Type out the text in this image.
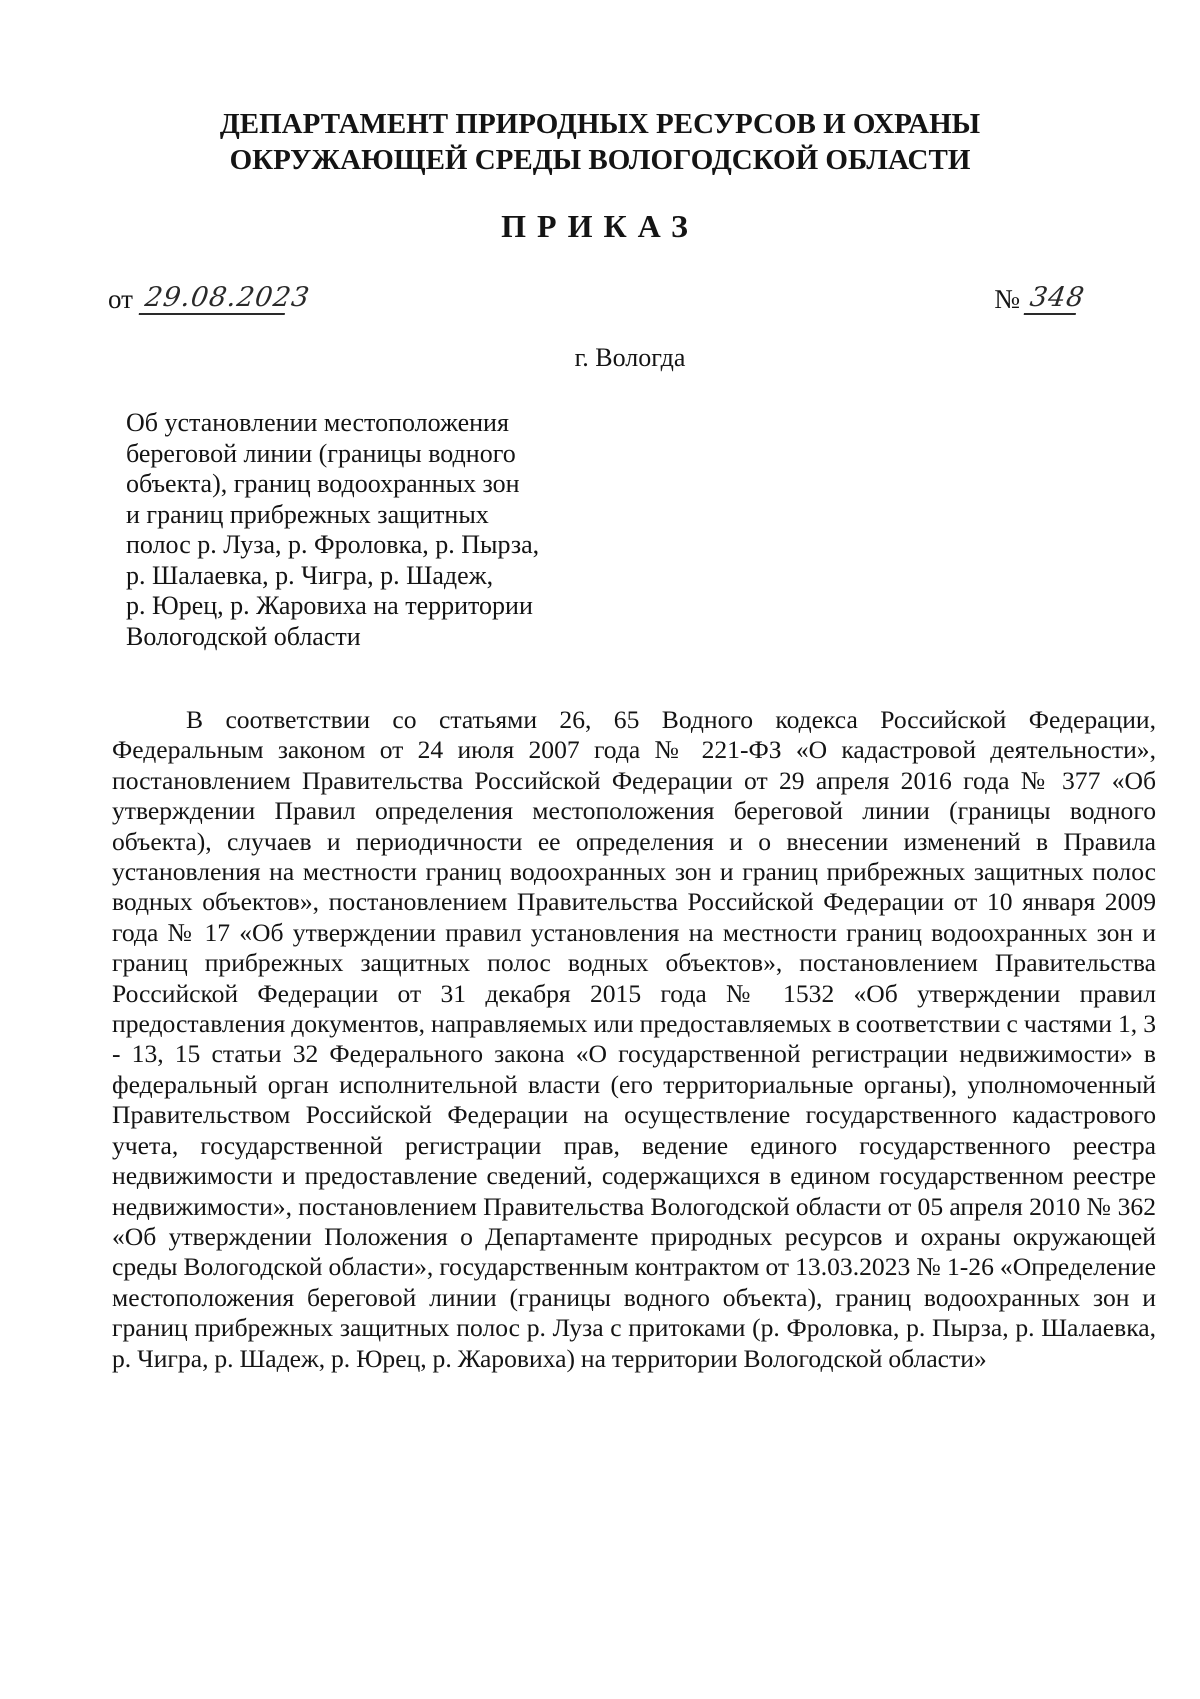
ДЕПАРТАМЕНТ ПРИРОДНЫХ РЕСУРСОВ И ОХРАНЫ
ОКРУЖАЮЩЕЙ СРЕДЫ ВОЛОГОДСКОЙ ОБЛАСТИ
ПРИКАЗ
от 29.08.2023	№ 348
г. Вологда
Об установлении местоположения
береговой линии (границы водного
объекта), границ водоохранных зон
и границ прибрежных защитных
полос р. Луза, р. Фроловка, р. Пырза,
р. Шалаевка, р. Чигра, р. Шадеж,
р. Юрец, р. Жаровиха на территории
Вологодской области
В соответствии со статьями 26, 65 Водного кодекса Российской Федерации, Федеральным законом от 24 июля 2007 года № 221-ФЗ «О кадастровой деятельности», постановлением Правительства Российской Федерации от 29 апреля 2016 года № 377 «Об утверждении Правил определения местоположения береговой линии (границы водного объекта), случаев и периодичности ее определения и о внесении изменений в Правила установления на местности границ водоохранных зон и границ прибрежных защитных полос водных объектов», постановлением Правительства Российской Федерации от 10 января 2009 года № 17 «Об утверждении правил установления на местности границ водоохранных зон и границ прибрежных защитных полос водных объектов», постановлением Правительства Российской Федерации от 31 декабря 2015 года № 1532 «Об утверждении правил предоставления документов, направляемых или предоставляемых в соответствии с частями 1, 3 - 13, 15 статьи 32 Федерального закона «О государственной регистрации недвижимости» в федеральный орган исполнительной власти (его территориальные органы), уполномоченный Правительством Российской Федерации на осуществление государственного кадастрового учета, государственной регистрации прав, ведение единого государственного реестра недвижимости и предоставление сведений, содержащихся в едином государственном реестре недвижимости», постановлением Правительства Вологодской области от 05 апреля 2010 № 362 «Об утверждении Положения о Департаменте природных ресурсов и охраны окружающей среды Вологодской области», государственным контрактом от 13.03.2023 № 1-26 «Определение местоположения береговой линии (границы водного объекта), границ водоохранных зон и границ прибрежных защитных полос р. Луза с притоками (р. Фроловка, р. Пырза, р. Шалаевка, р. Чигра, р. Шадеж, р. Юрец, р. Жаровиха) на территории Вологодской области»
